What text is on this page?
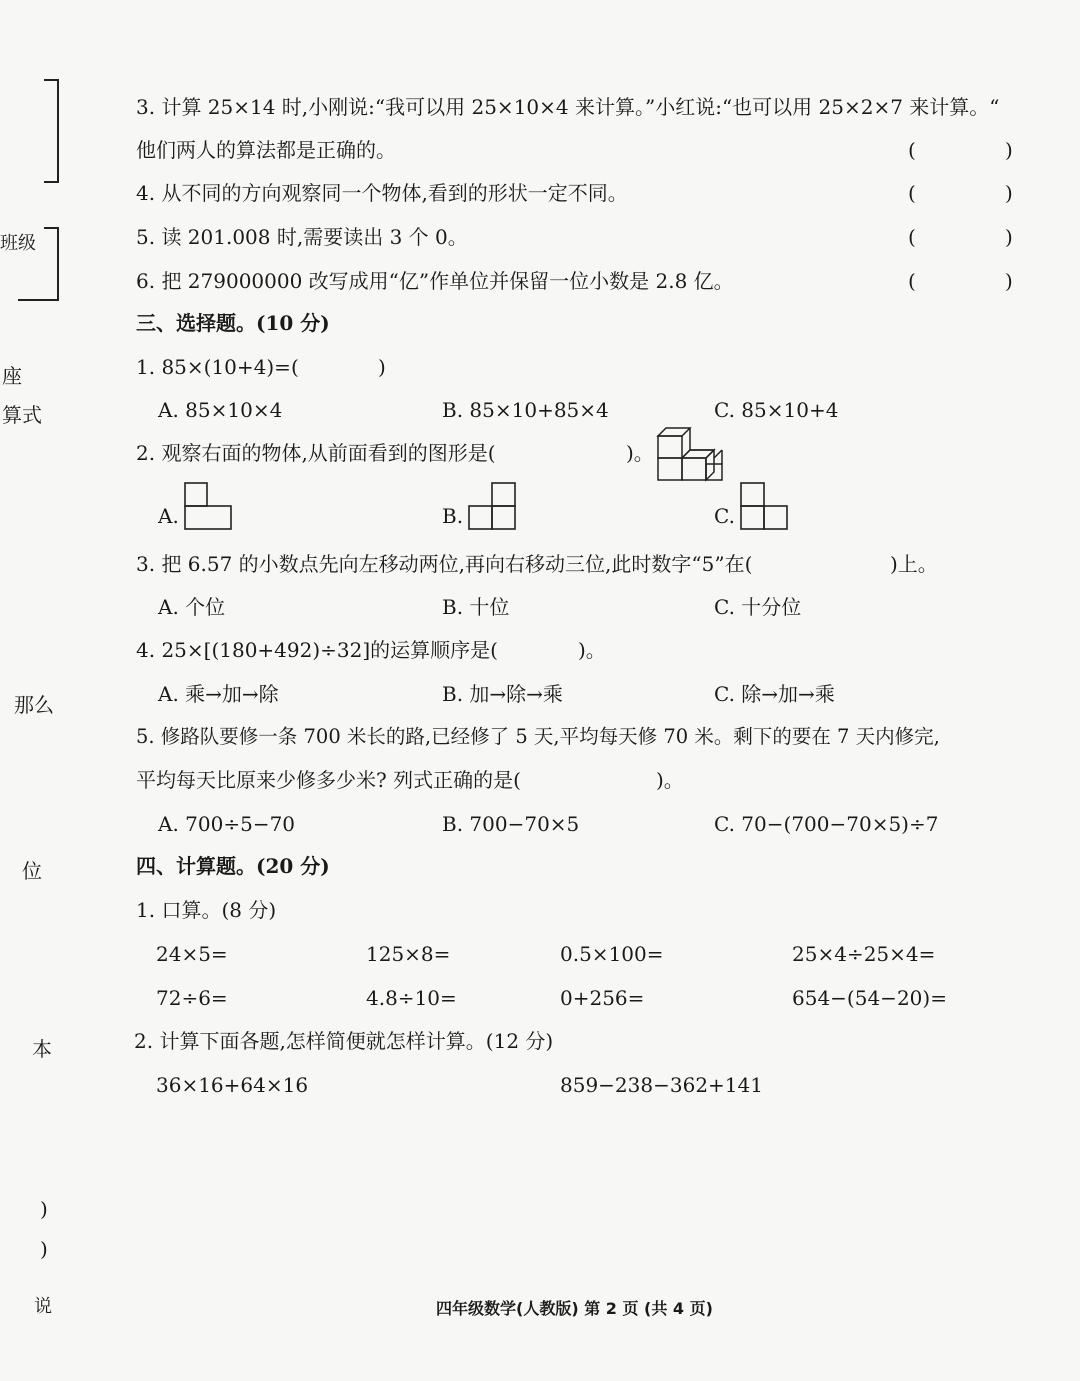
班级
座
算式
那么
位
本
)
)
说
3. 计算 25×14 时,小刚说:“我可以用 25×10×4 来计算。”小红说:“也可以用 25×2×7 来计算。“
他们两人的算法都是正确的。	(	)
4. 从不同的方向观察同一个物体,看到的形状一定不同。	(	)
5. 读 201.008 时,需要读出 3 个 0。	(	)
6. 把 279000000 改写成用“亿”作单位并保留一位小数是 2.8 亿。	(	)
三、选择题。(10 分)
1. 85×(10+4)=(	)
A. 85×10×4	B. 85×10+85×4	C. 85×10+4
2. 观察右面的物体,从前面看到的图形是(	)。
A.	B.	C.
3. 把 6.57 的小数点先向左移动两位,再向右移动三位,此时数字“5”在(	)上。
A. 个位	B. 十位	C. 十分位
4. 25×[(180+492)÷32]的运算顺序是(	)。
A. 乘→加→除	B. 加→除→乘	C. 除→加→乘
5. 修路队要修一条 700 米长的路,已经修了 5 天,平均每天修 70 米。剩下的要在 7 天内修完,
平均每天比原来少修多少米? 列式正确的是(	)。
A. 700÷5−70	B. 700−70×5	C. 70−(700−70×5)÷7
四、计算题。(20 分)
1. 口算。(8 分)
24×5=	125×8=	0.5×100=	25×4÷25×4=
72÷6=	4.8÷10=	0+256=	654−(54−20)=
2. 计算下面各题,怎样简便就怎样计算。(12 分)
36×16+64×16	859−238−362+141
四年级数学(人教版) 第 2 页 (共 4 页)
